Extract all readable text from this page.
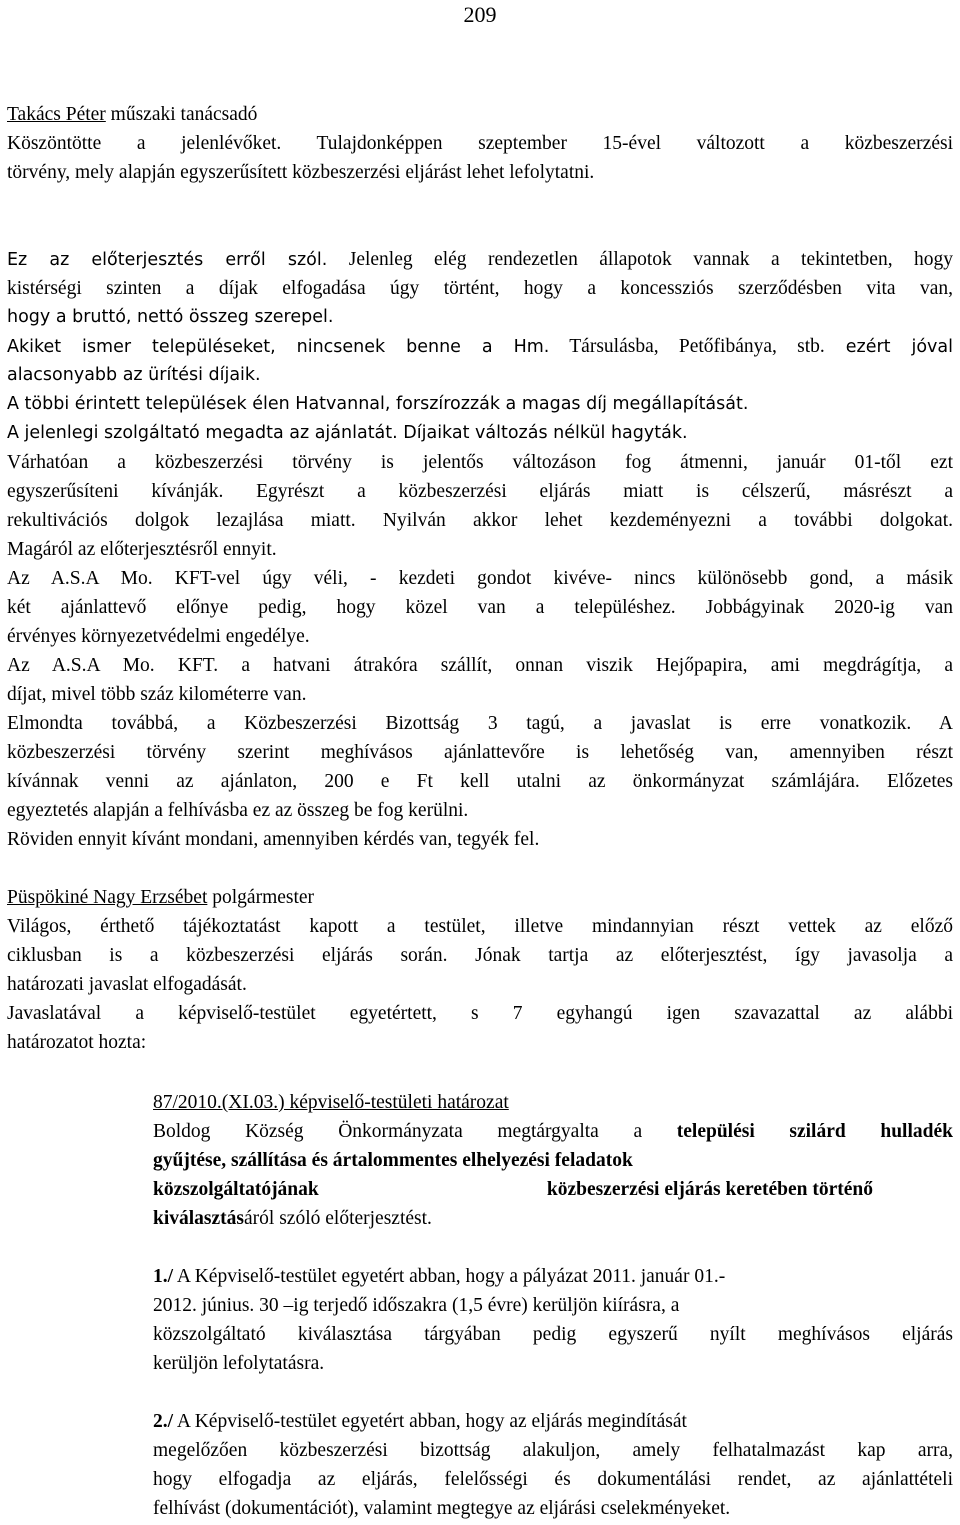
209
Takács Péter műszaki tanácsadó
Köszöntötte a jelenlévőket. Tulajdonképpen szeptember 15-ével változott a közbeszerzési
törvény, mely alapján egyszerűsített közbeszerzési eljárást lehet lefolytatni.
Ez az előterjesztés erről szól. Jelenleg elég rendezetlen állapotok vannak a tekintetben, hogy
kistérségi szinten a díjak elfogadása úgy történt, hogy a koncessziós szerződésben vita van,
hogy a bruttó, nettó összeg szerepel.
Akiket ismer településeket, nincsenek benne a Hm. Társulásba, Petőfibánya, stb. ezért jóval
alacsonyabb az ürítési díjaik.
A többi érintett települések élen Hatvannal, forszírozzák a magas díj megállapítását.
A jelenlegi szolgáltató megadta az ajánlatát. Díjaikat változás nélkül hagyták.
Várhatóan a közbeszerzési törvény is jelentős változáson fog átmenni, január 01-től ezt
egyszerűsíteni kívánják. Egyrészt a közbeszerzési eljárás miatt is célszerű, másrészt a
rekultivációs dolgok lezajlása miatt. Nyilván akkor lehet kezdeményezni a további dolgokat.
Magáról az előterjesztésről ennyit.
Az A.S.A Mo. KFT-vel úgy véli, - kezdeti gondot kivéve- nincs különösebb gond, a másik
két ajánlattevő előnye pedig, hogy közel van a településhez. Jobbágyinak 2020-ig van
érvényes környezetvédelmi engedélye.
Az A.S.A Mo. KFT. a hatvani átrakóra szállít, onnan viszik Hejőpapira, ami megdrágítja, a
díjat, mivel több száz kilométerre van.
Elmondta továbbá, a Közbeszerzési Bizottság 3 tagú, a javaslat is erre vonatkozik. A
közbeszerzési törvény szerint meghívásos ajánlattevőre is lehetőség van, amennyiben részt
kívánnak venni az ajánlaton, 200 e Ft kell utalni az önkormányzat számlájára. Előzetes
egyeztetés alapján a felhívásba ez az összeg be fog kerülni.
Röviden ennyit kívánt mondani, amennyiben kérdés van, tegyék fel.
Püspökiné Nagy Erzsébet polgármester
Világos, érthető tájékoztatást kapott a testület, illetve mindannyian részt vettek az előző
ciklusban is a közbeszerzési eljárás során. Jónak tartja az előterjesztést, így javasolja a
határozati javaslat elfogadását.
Javaslatával a képviselő-testület egyetértett, s 7 egyhangú igen szavazattal az alábbi
határozatot hozta:
87/2010.(XI.03.) képviselő-testületi határozat
Boldog Község Önkormányzata megtárgyalta a települési szilárd hulladék
gyűjtése, szállítása és ártalommentes elhelyezési feladatok
közszolgáltatójának	közbeszerzési eljárás keretében történő
kiválasztásáról szóló előterjesztést.
1./ A Képviselő-testület egyetért abban, hogy a pályázat 2011. január 01.-
2012. június. 30 –ig terjedő időszakra (1,5 évre) kerüljön kiírásra, a
közszolgáltató kiválasztása tárgyában pedig egyszerű nyílt meghívásos eljárás
kerüljön lefolytatásra.
2./ A Képviselő-testület egyetért abban, hogy az eljárás megindítását
megelőzően közbeszerzési bizottság alakuljon, amely felhatalmazást kap arra,
hogy elfogadja az eljárás, felelősségi és dokumentálási rendet, az ajánlattételi
felhívást (dokumentációt), valamint megtegye az eljárási cselekményeket.
